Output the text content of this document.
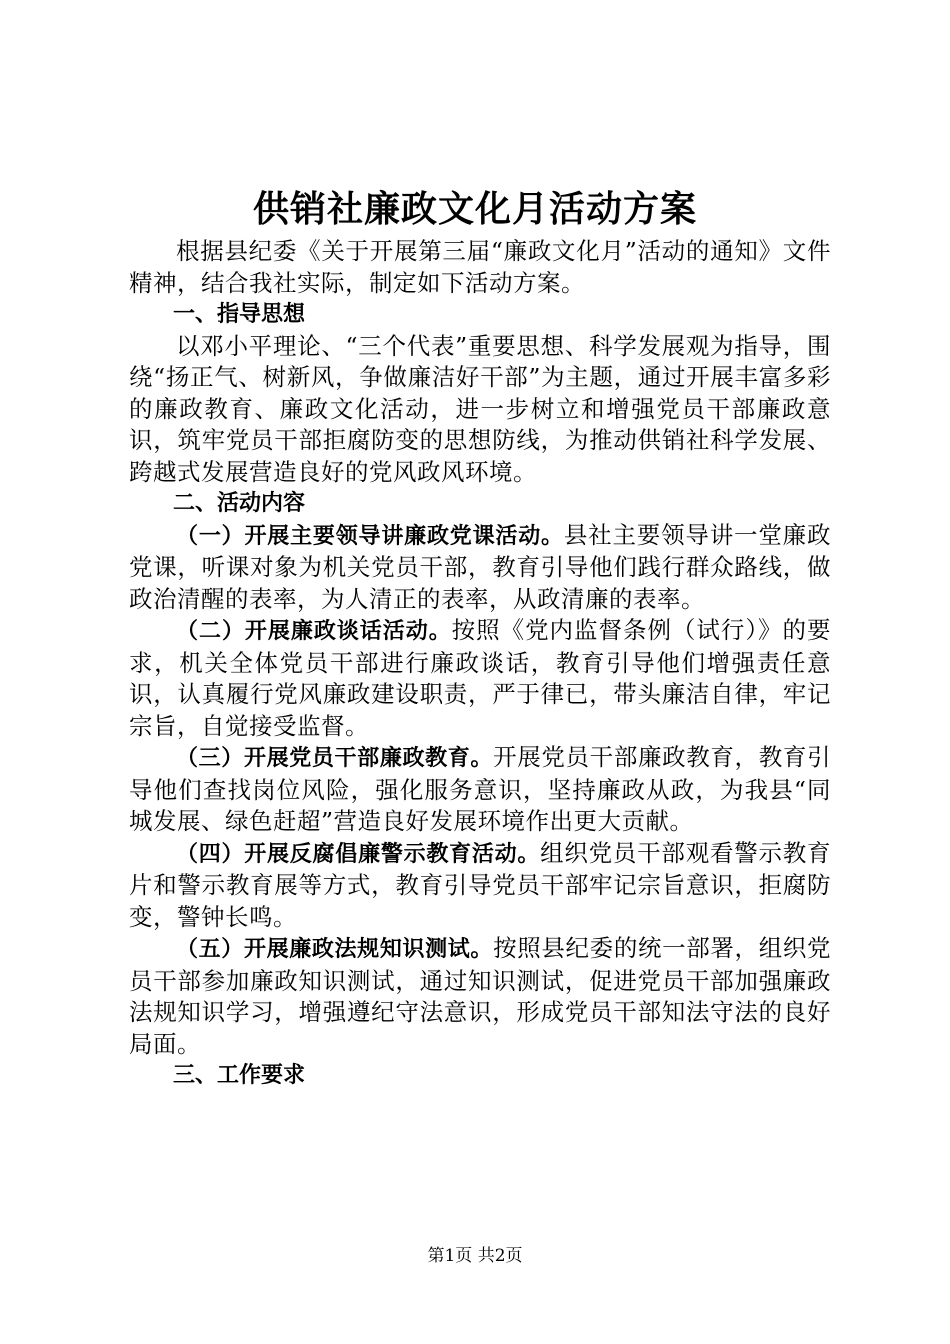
供销社廉政文化月活动方案

根据县纪委《关于开展第三届“廉政文化月”活动的通知》文件精神，结合我社实际，制定如下活动方案。

一、指导思想

以邓小平理论、“三个代表”重要思想、科学发展观为指导，围绕“扬正气、树新风，争做廉洁好干部”为主题，通过开展丰富多彩的廉政教育、廉政文化活动，进一步树立和增强党员干部廉政意识，筑牢党员干部拒腐防变的思想防线，为推动供销社科学发展、跨越式发展营造良好的党风政风环境。

二、活动内容

（一）开展主要领导讲廉政党课活动。县社主要领导讲一堂廉政党课，听课对象为机关党员干部，教育引导他们践行群众路线，做政治清醒的表率，为人清正的表率，从政清廉的表率。

（二）开展廉政谈话活动。按照《党内监督条例（试行）》的要求，机关全体党员干部进行廉政谈话，教育引导他们增强责任意识，认真履行党风廉政建设职责，严于律已，带头廉洁自律，牢记宗旨，自觉接受监督。

（三）开展党员干部廉政教育。开展党员干部廉政教育，教育引导他们查找岗位风险，强化服务意识，坚持廉政从政，为我县“同城发展、绿色赶超”营造良好发展环境作出更大贡献。

（四）开展反腐倡廉警示教育活动。组织党员干部观看警示教育片和警示教育展等方式，教育引导党员干部牢记宗旨意识，拒腐防变，警钟长鸣。

（五）开展廉政法规知识测试。按照县纪委的统一部署，组织党员干部参加廉政知识测试，通过知识测试，促进党员干部加强廉政法规知识学习，增强遵纪守法意识，形成党员干部知法守法的良好局面。

三、工作要求

第1页 共2页
